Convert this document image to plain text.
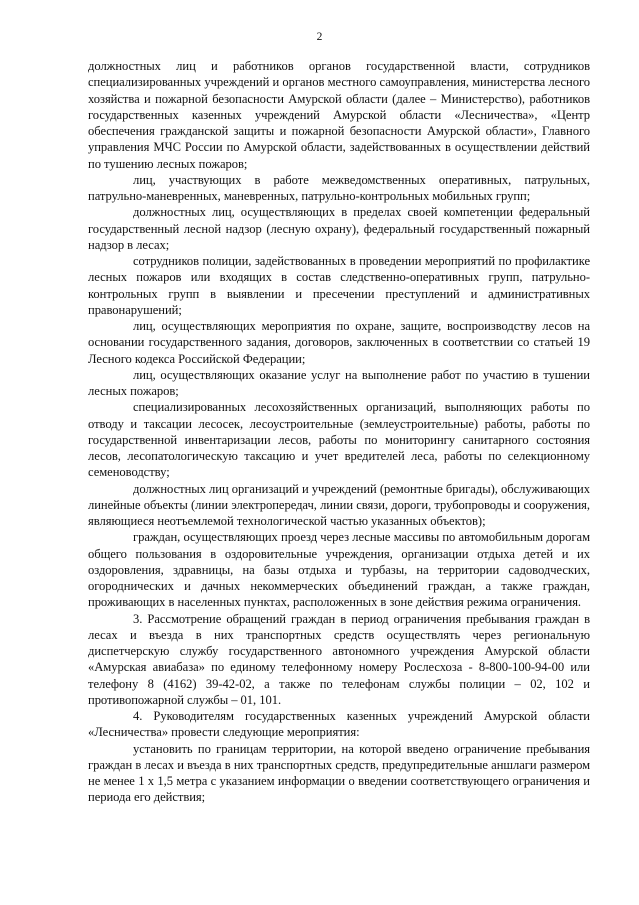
2

должностных лиц и работников органов государственной власти, сотрудников специализированных учреждений и органов местного самоуправления, министерства лесного хозяйства и пожарной безопасности Амурской области (далее – Министерство), работников государственных казенных учреждений Амурской области «Лесничества», «Центр обеспечения гражданской защиты и пожарной безопасности Амурской области», Главного управления МЧС России по Амурской области, задействованных в осуществлении действий по тушению лесных пожаров;

лиц, участвующих в работе межведомственных оперативных, патрульных, патрульно-маневренных, маневренных, патрульно-контрольных мобильных групп;

должностных лиц, осуществляющих в пределах своей компетенции федеральный государственный лесной надзор (лесную охрану), федеральный государственный пожарный надзор в лесах;

сотрудников полиции, задействованных в проведении мероприятий по профилактике лесных пожаров или входящих в состав следственно-оперативных групп, патрульно-контрольных групп в выявлении и пресечении преступлений и административных правонарушений;

лиц, осуществляющих мероприятия по охране, защите, воспроизводству лесов на основании государственного задания, договоров, заключенных в соответствии со статьей 19 Лесного кодекса Российской Федерации;

лиц, осуществляющих оказание услуг на выполнение работ по участию в тушении лесных пожаров;

специализированных лесохозяйственных организаций, выполняющих работы по отводу и таксации лесосек, лесоустроительные (землеустроительные) работы, работы по государственной инвентаризации лесов, работы по мониторингу санитарного состояния лесов, лесопатологическую таксацию и учет вредителей леса, работы по селекционному семеноводству;

должностных лиц организаций и учреждений (ремонтные бригады), обслуживающих линейные объекты (линии электропередач, линии связи, дороги, трубопроводы и сооружения, являющиеся неотъемлемой технологической частью указанных объектов);

граждан, осуществляющих проезд через лесные массивы по автомобильным дорогам общего пользования в оздоровительные учреждения, организации отдыха детей и их оздоровления, здравницы, на базы отдыха и турбазы, на территории садоводческих, огороднических и дачных некоммерческих объединений граждан, а также граждан, проживающих в населенных пунктах, расположенных в зоне действия режима ограничения.

3. Рассмотрение обращений граждан в период ограничения пребывания граждан в лесах и въезда в них транспортных средств осуществлять через региональную диспетчерскую службу государственного автономного учреждения Амурской области «Амурская авиабаза» по единому телефонному номеру Рослесхоза - 8-800-100-94-00 или телефону 8 (4162) 39-42-02, а также по телефонам службы полиции – 02, 102 и противопожарной службы – 01, 101.

4. Руководителям государственных казенных учреждений Амурской области «Лесничества» провести следующие мероприятия:

установить по границам территории, на которой введено ограничение пребывания граждан в лесах и въезда в них транспортных средств, предупредительные аншлаги размером не менее 1 х 1,5 метра с указанием информации о введении соответствующего ограничения и периода его действия;
